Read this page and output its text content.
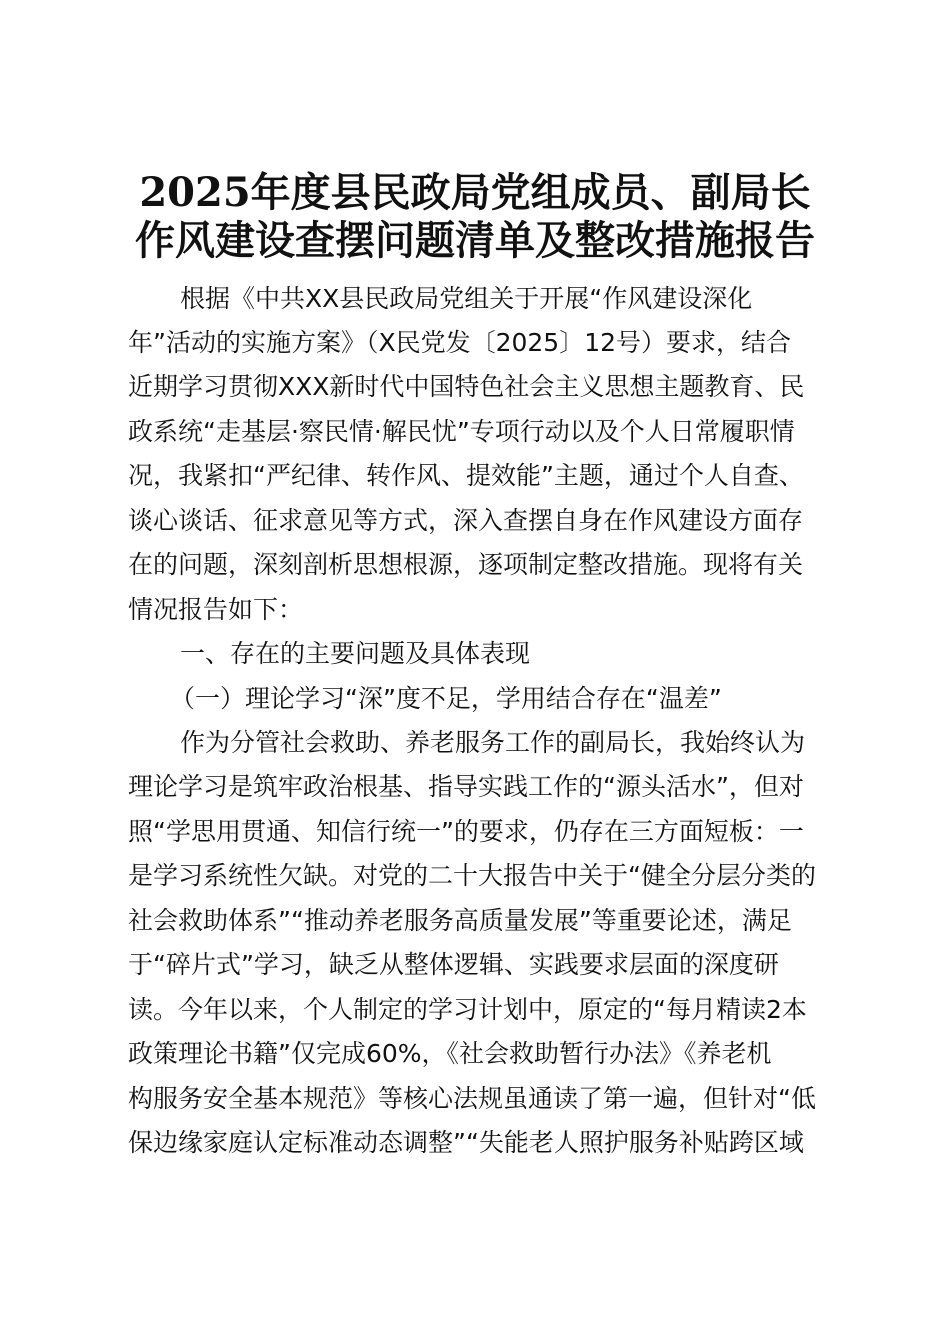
2025年度县民政局党组成员、副局长
作风建设查摆问题清单及整改措施报告
根据《中共XX县民政局党组关于开展“作风建设深化
年”活动的实施方案》（X民党发〔2025〕12号）要求，结合
近期学习贯彻XXX新时代中国特色社会主义思想主题教育、民
政系统“走基层·察民情·解民忧”专项行动以及个人日常履职情
况，我紧扣“严纪律、转作风、提效能”主题，通过个人自查、
谈心谈话、征求意见等方式，深入查摆自身在作风建设方面存
在的问题，深刻剖析思想根源，逐项制定整改措施。现将有关
情况报告如下：
一、存在的主要问题及具体表现
（一）理论学习“深”度不足，学用结合存在“温差”
作为分管社会救助、养老服务工作的副局长，我始终认为
理论学习是筑牢政治根基、指导实践工作的“源头活水”，但对
照“学思用贯通、知信行统一”的要求，仍存在三方面短板：一
是学习系统性欠缺。对党的二十大报告中关于“健全分层分类的
社会救助体系”“推动养老服务高质量发展”等重要论述，满足
于“碎片式”学习，缺乏从整体逻辑、实践要求层面的深度研
读。今年以来，个人制定的学习计划中，原定的“每月精读2本
政策理论书籍”仅完成60%，《社会救助暂行办法》《养老机
构服务安全基本规范》等核心法规虽通读了第一遍，但针对“低
保边缘家庭认定标准动态调整”“失能老人照护服务补贴跨区域
